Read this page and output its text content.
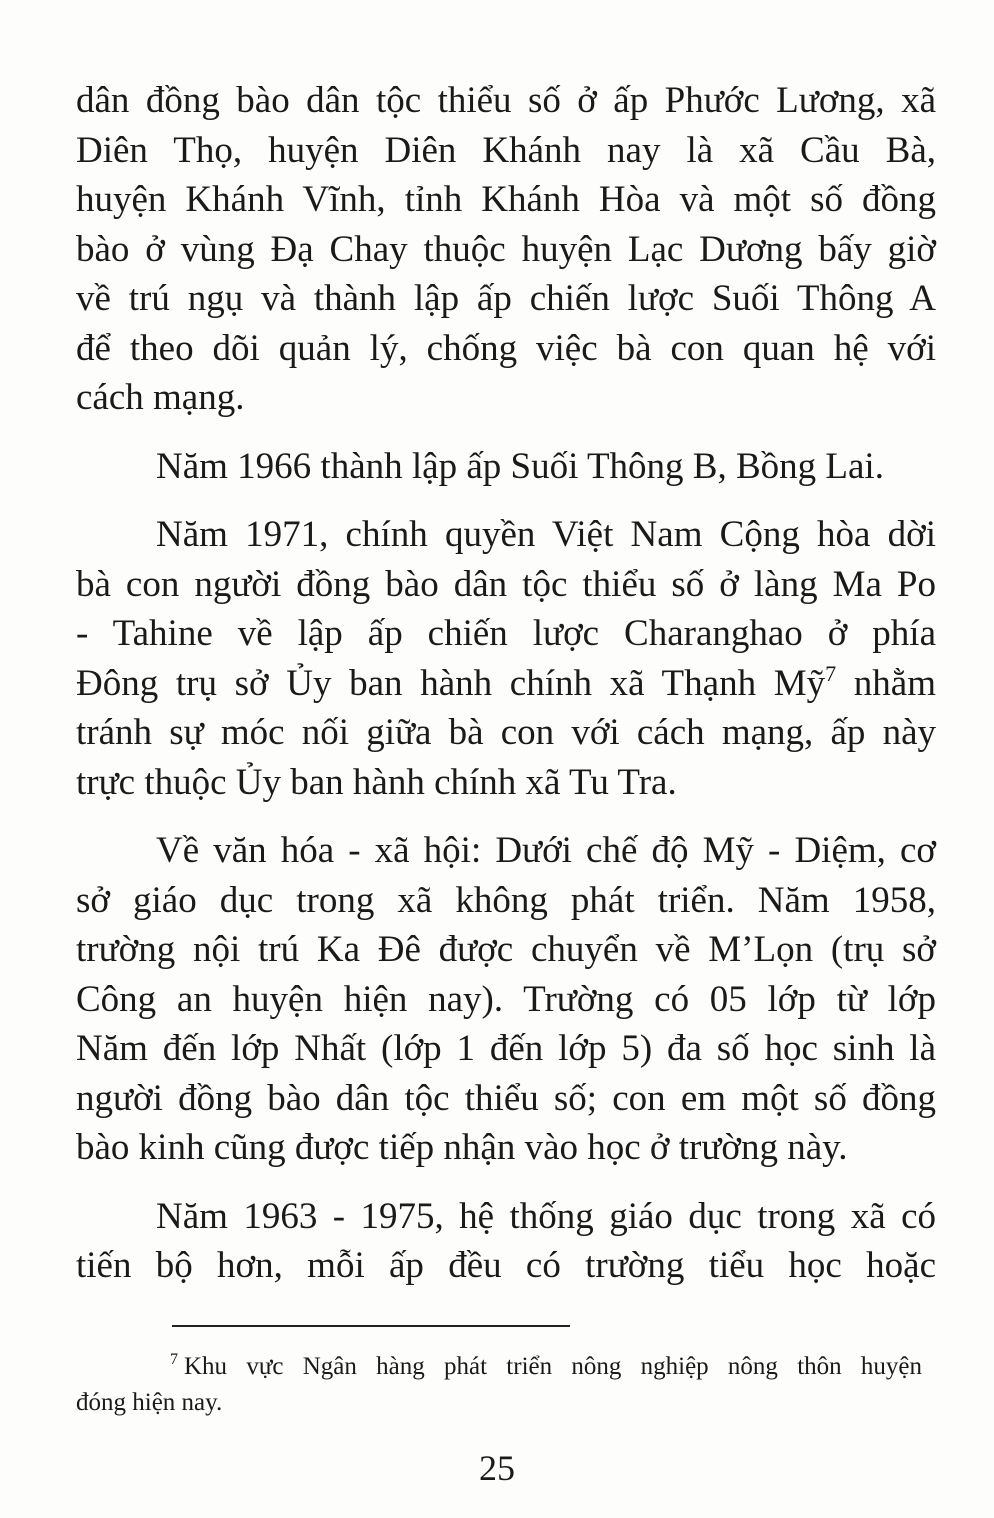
dân đồng bào dân tộc thiểu số ở ấp Phước Lương, xã
Diên Thọ, huyện Diên Khánh nay là xã Cầu Bà,
huyện Khánh Vĩnh, tỉnh Khánh Hòa và một số đồng
bào ở vùng Đạ Chay thuộc huyện Lạc Dương bấy giờ
về trú ngụ và thành lập ấp chiến lược Suối Thông A
để theo dõi quản lý, chống việc bà con quan hệ với
cách mạng.
Năm 1966 thành lập ấp Suối Thông B, Bồng Lai.
Năm 1971, chính quyền Việt Nam Cộng hòa dời
bà con người đồng bào dân tộc thiểu số ở làng Ma Po
- Tahine về lập ấp chiến lược Charanghao ở phía
Đông trụ sở Ủy ban hành chính xã Thạnh Mỹ$^7$ nhằm
tránh sự móc nối giữa bà con với cách mạng, ấp này
trực thuộc Ủy ban hành chính xã Tu Tra.
Về văn hóa - xã hội: Dưới chế độ Mỹ - Diệm, cơ
sở giáo dục trong xã không phát triển. Năm 1958,
trường nội trú Ka Đê được chuyển về M’Lọn (trụ sở
Công an huyện hiện nay). Trường có 05 lớp từ lớp
Năm đến lớp Nhất (lớp 1 đến lớp 5) đa số học sinh là
người đồng bào dân tộc thiểu số; con em một số đồng
bào kinh cũng được tiếp nhận vào học ở trường này.
Năm 1963 - 1975, hệ thống giáo dục trong xã có
tiến bộ hơn, mỗi ấp đều có trường tiểu học hoặc
$^7$ Khu vực Ngân hàng phát triển nông nghiệp nông thôn huyện
đóng hiện nay.
25
